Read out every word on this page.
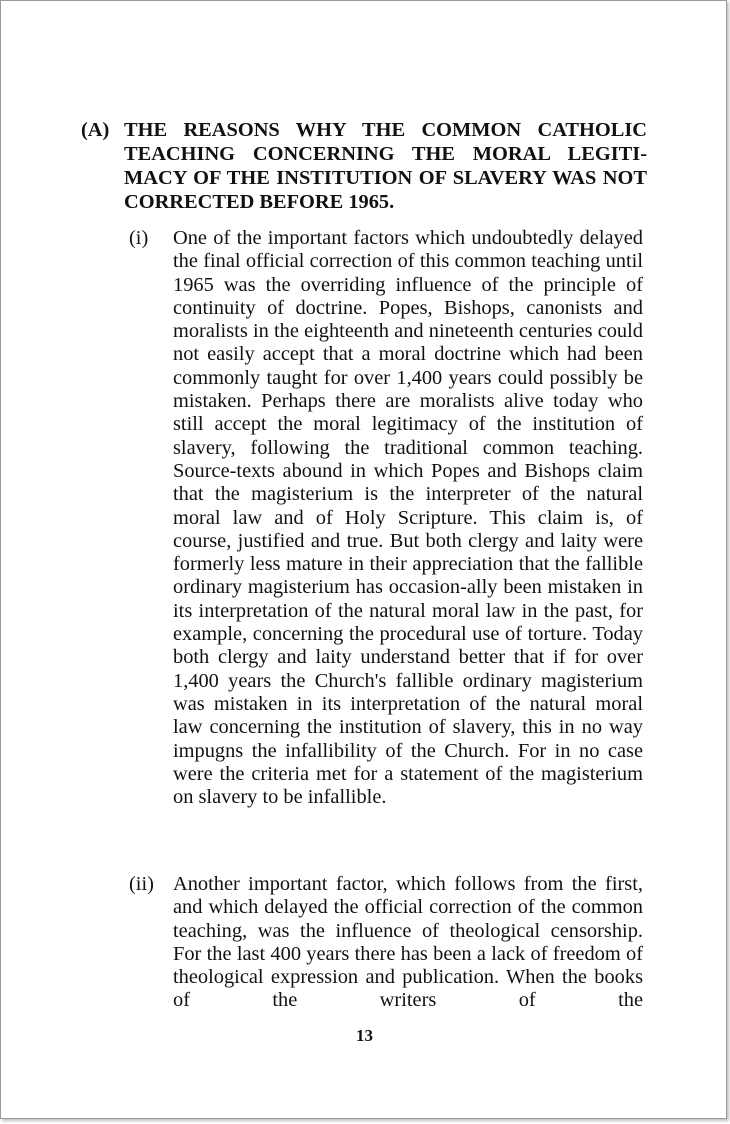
(A) THE REASONS WHY THE COMMON CATHOLIC TEACHING CONCERNING THE MORAL LEGITI-MACY OF THE INSTITUTION OF SLAVERY WAS NOT CORRECTED BEFORE 1965.
(i) One of the important factors which undoubtedly delayed the final official correction of this common teaching until 1965 was the overriding influence of the principle of continuity of doctrine. Popes, Bishops, canonists and moralists in the eighteenth and nineteenth centuries could not easily accept that a moral doctrine which had been commonly taught for over 1,400 years could possibly be mistaken. Perhaps there are moralists alive today who still accept the moral legitimacy of the institution of slavery, following the traditional common teaching. Source-texts abound in which Popes and Bishops claim that the magisterium is the interpreter of the natural moral law and of Holy Scripture. This claim is, of course, justified and true. But both clergy and laity were formerly less mature in their appreciation that the fallible ordinary magisterium has occasion-ally been mistaken in its interpretation of the natural moral law in the past, for example, concerning the procedural use of torture. Today both clergy and laity understand better that if for over 1,400 years the Church's fallible ordinary magisterium was mistaken in its interpretation of the natural moral law concerning the institution of slavery, this in no way impugns the infallibility of the Church. For in no case were the criteria met for a statement of the magisterium on slavery to be infallible.
(ii) Another important factor, which follows from the first, and which delayed the official correction of the common teaching, was the influence of theological censorship. For the last 400 years there has been a lack of freedom of theological expression and publication. When the books of the writers of the
13
